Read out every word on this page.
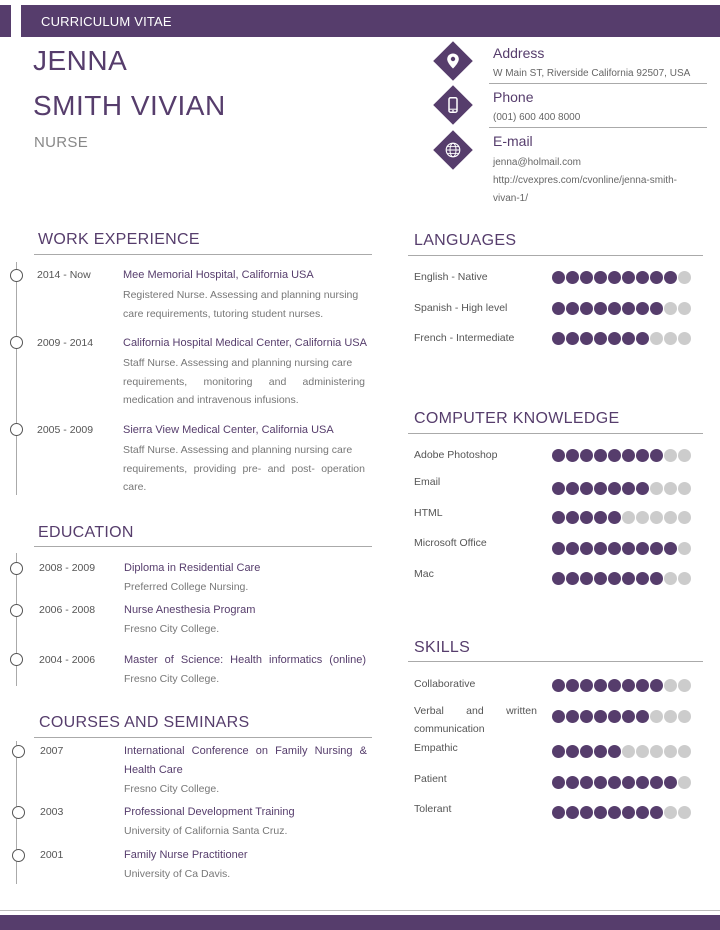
CURRICULUM VITAE
JENNA
SMITH VIVIAN
NURSE
Address
W Main ST, Riverside California 92507, USA
Phone
(001) 600 400 8000
E-mail
jenna@holmail.com
http://cvexpres.com/cvonline/jenna-smith-
vivan-1/
WORK EXPERIENCE
2014 - Now	Mee Memorial Hospital, California USA
Registered Nurse. Assessing and planning nursing
care requirements, tutoring student nurses.
2009 - 2014	California Hospital Medical Center, California USA
Staff Nurse. Assessing and planning nursing care
requirements, monitoring and administering
medication and intravenous infusions.
2005 - 2009	Sierra View Medical Center, California USA
Staff Nurse. Assessing and planning nursing care
requirements, providing pre- and post- operation
care.
EDUCATION
2008 - 2009	Diploma in Residential Care
Preferred College Nursing.
2006 - 2008	Nurse Anesthesia Program
Fresno City College.
2004 - 2006	Master of Science: Health informatics (online)
Fresno City College.
COURSES AND SEMINARS
2007	International Conference on Family Nursing &
Health Care
Fresno City College.
2003	Professional Development Training
University of California Santa Cruz.
2001	Family Nurse Practitioner
University of Ca Davis.
LANGUAGES
English - Native
Spanish - High level
French - Intermediate
COMPUTER KNOWLEDGE
Adobe Photoshop
Email
HTML
Microsoft Office
Mac
SKILLS
Collaborative
Verbal and written
communication
Empathic
Patient
Tolerant
